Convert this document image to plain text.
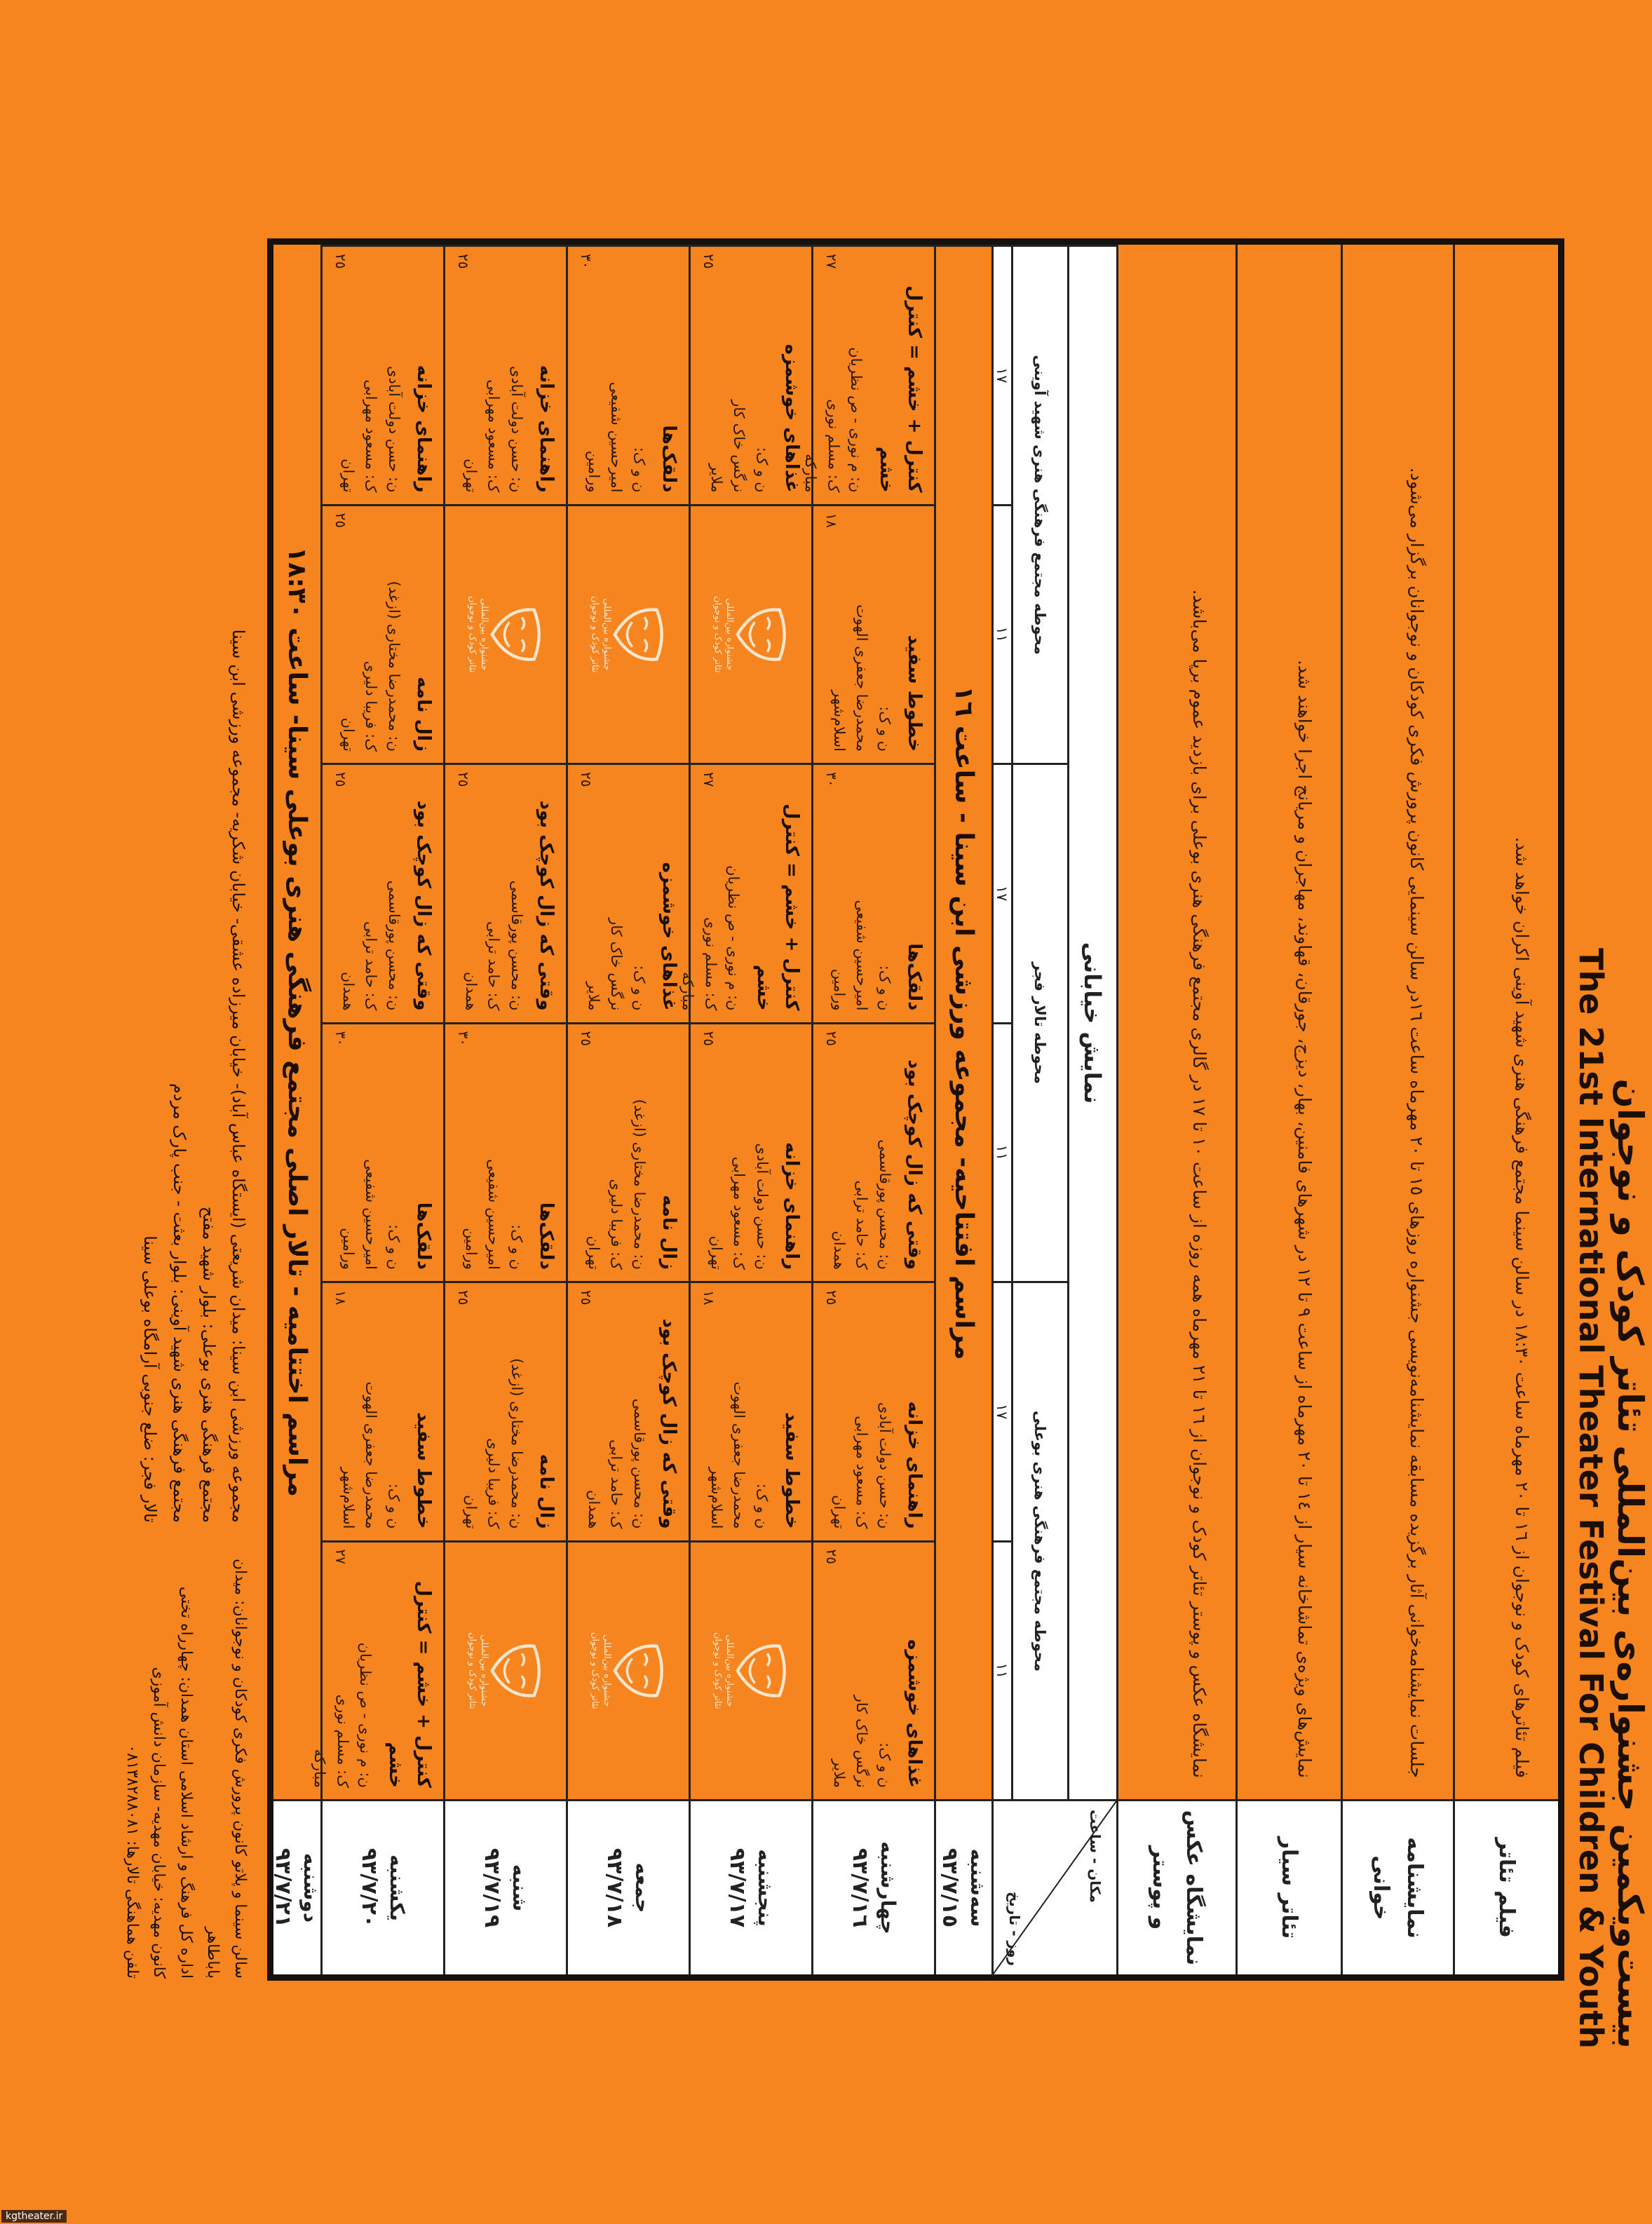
بیست‌ویکمین جشنواره‌ی بین‌المللی تئاتر کودک و نوجوان
The 21st International Theater Festival For Children & Youth
فیلم تئاتر
فیلم تئاترهای کودک و نوجوان از ١٦ تا ٢٠ مهرماه ساعت ١٨:٣٠ در سالن سینما مجتمع فرهنگی هنری شهید آوینی اکران خواهد شد.
نمایشنامه خوانی
جلسات نمایشنامه‌خوانی آثار برگزیده مسابقه نمایشنامه‌نویسی جشنواره روزهای ١٥ تا ٢٠ مهرماه ساعت ١٦در سالن سینمایی کانون پرورش فکری کودکان و نوجوانان برگزار می‌شود.
تئاتر سیار
نمایش‌های ویژه‌ی تماشاخانه سیار از ١٤ تا ٢٠ مهرماه از ساعت ٩ تا ١٢ در شهرهای فامنین، بهار، دیزج، جورقان، قهاوند، مهاجران و مریانج اجرا خواهند شد.
نمایشگاه عکس و پوستر
نمایشگاه عکس و پوستر تئاتر کودک و نوجوان از ١٦ تا ٢١ مهرماه همه روزه از ساعت ١٠ تا ١٧ در گالری مجتمع فرهنگی هنری بوعلی برای بازدید عموم برپا می‌باشد.
نمایش خیابانی
محوطه مجتمع فرهنگی هنری بوعلی
محوطه تالار فجر
محوطه مجتمع فرهنگی هنری شهید آوینی
١١
١٧
١١
١٧
١١
١٧
مکان - ساعت
روز - تاریخ
سه‌شنبه
٩٣/٧/١٥
مراسم افتتاحیه- مجموعه ورزشی ابن سینا - ساعت ١٦
چهارشنبه
٩٣/٧/١٦
غذاهای خوشمزه
ن و ک:
نرگس خاک کار
ملایر
٢٥
راهنمای خزانه
ن: حسن دولت آبادی
ک: مسعود مهرابی
تهران
٢٥
وقتی که زال کوچک بود
ن: محسن پورقاسمی
ک: حامد ترابی
همدان
٢٥
دلقک‌ها
ن و ک:
امیرحسین شفیعی
ورامین
٣٠
خطوط سفید
ن و ک:
محمدرضا جعفری الهوت
اسلام‌شهر
١٨
کنترل + خشم = کنترل خشم
ن: م نوری - ص نظریان
ک: مسلم نوری
مبارکه
٢٧
پنجشنبه
٩٣/٧/١٧
جشنواره بین‌المللی تئاتر کودک و نوجوان
خطوط سفید
ن و ک:
محمدرضا جعفری الهوت
اسلام‌شهر
١٨
راهنمای خزانه
ن: حسن دولت آبادی
ک: مسعود مهرابی
تهران
٢٥
کنترل + خشم = کنترل خشم
ن: م نوری - ص نظریان
ک: مسلم نوری
مبارکه
٢٧
جشنواره بین‌المللی تئاتر کودک و نوجوان
غذاهای خوشمزه
ن و ک:
نرگس خاک کار
ملایر
٢٥
جمعه
٩٣/٧/١٨
جشنواره بین‌المللی تئاتر کودک و نوجوان
وقتی که زال کوچک بود
ن: محسن پورقاسمی
ک: حامد ترابی
همدان
٢٥
زال نامه
ن: محمدرضا مختاری (ازغد)
ک: فریبا دلیری
تهران
٢٥
غذاهای خوشمزه
ن و ک:
نرگس خاک کار
ملایر
٢٥
جشنواره بین‌المللی تئاتر کودک و نوجوان
دلقک‌ها
ن و ک:
امیرحسین شفیعی
ورامین
٣٠
شنبه
٩٣/٧/١٩
جشنواره بین‌المللی تئاتر کودک و نوجوان
زال نامه
ن: محمدرضا مختاری (ازغد)
ک: فریبا دلیری
تهران
٢٥
دلقک‌ها
ن و ک:
امیرحسین شفیعی
ورامین
٣٠
وقتی که زال کوچک بود
ن: محسن پورقاسمی
ک: حامد ترابی
همدان
٢٥
جشنواره بین‌المللی تئاتر کودک و نوجوان
راهنمای خزانه
ن: حسن دولت آبادی
ک: مسعود مهرابی
تهران
٢٥
یکشنبه
٩٣/٧/٢٠
کنترل + خشم = کنترل خشم
ن: م نوری - ص نظریان
ک: مسلم نوری
مبارکه
٢٧
خطوط سفید
ن و ک:
محمدرضا جعفری الهوت
اسلام‌شهر
١٨
دلقک‌ها
ن و ک:
امیرحسین شفیعی
ورامین
٣٠
وقتی که زال کوچک بود
ن: محسن پورقاسمی
ک: حامد ترابی
همدان
٢٥
زال نامه
ن: محمدرضا مختاری (ازغد)
ک: فریبا دلیری
تهران
٢٥
راهنمای خزانه
ن: حسن دولت آبادی
ک: مسعود مهرابی
تهران
٢٥
دوشنبه
٩٣/٧/٢١
مراسم اختتامیه - تالار اصلی مجتمع فرهنگی هنری بوعلی سینا- ساعت ١٨:٣٠
مجموعه ورزشی ابن سینا: میدان شریعتی (ایستگاه عباس آباد)- خیابان میرزاده عشقی- خیابان شکریه- مجموعه ورزشی ابن سینا
مجتمع فرهنگی هنری بوعلی: بلوار شهید مفتح
مجتمع فرهنگی هنری شهید آوینی: بلوار بعثت - جنب پارک مردم
تالار فجر: ضلع جنوبی آرامگاه بوعلی سینا
سالن سینما و پلاتو کانون پرورش فکری کودکان و نوجوانان: میدان باباطاهر
اداره کل فرهنگ و ارشاد اسلامی استان همدان: چهارراه تختی
کانون مهدیه: خیابان مهدیه- سازمان دانش آموزی
تلفن هماهنگی تالارها: ٠٨١٣٨٢٨٨٠٨١
kgtheater.ir
